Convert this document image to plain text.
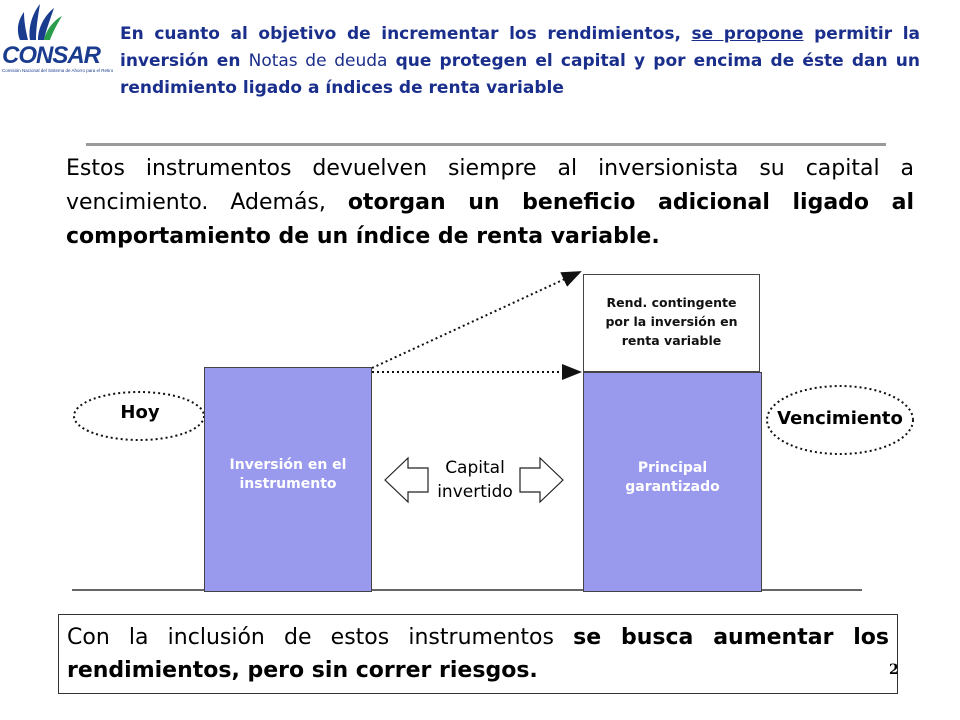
CONSAR
Comisión Nacional del Sistema de Ahorro para el Retiro
En cuanto al objetivo de incrementar los rendimientos, se propone permitir la inversión en Notas de deuda que protegen el capital y por encima de éste dan un rendimiento ligado a índices de renta variable
Estos instrumentos devuelven siempre al inversionista su capital a vencimiento. Además, otorgan un beneficio adicional ligado al comportamiento de un índice de renta variable.
Inversión en el
instrumento
Rend. contingente
por la inversión en
renta variable
Principal
garantizado
Capital
invertido
Hoy	Vencimiento
Con la inclusión de estos instrumentos se busca aumentar los rendimientos, pero sin correr riesgos.	2
